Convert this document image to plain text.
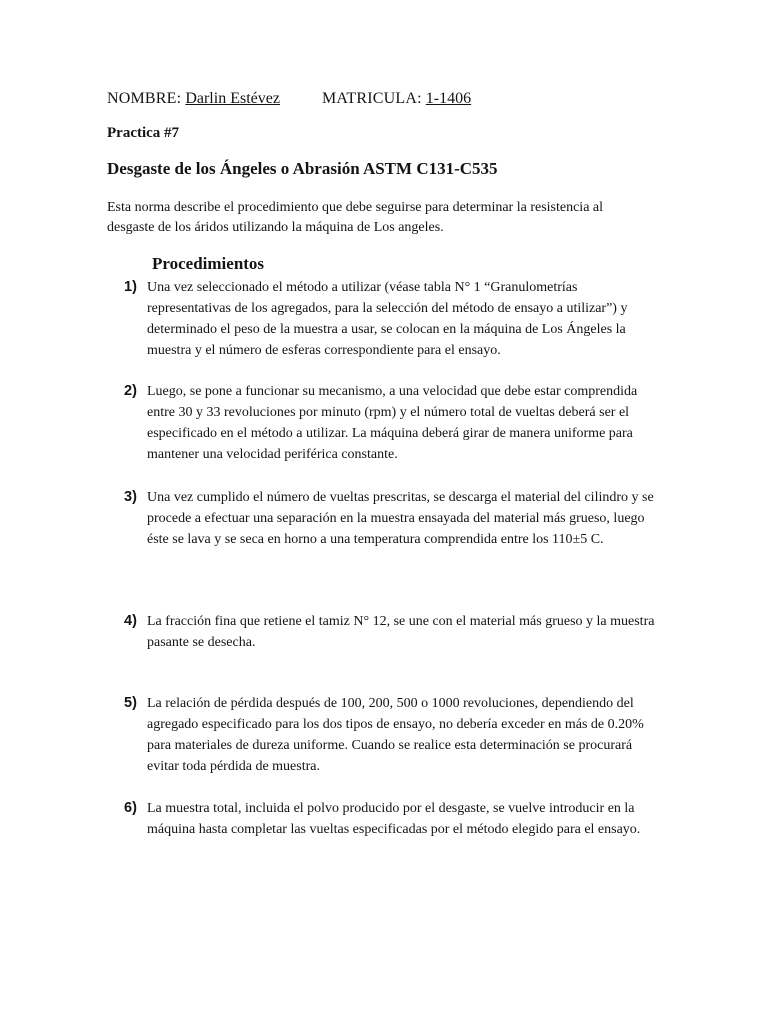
NOMBRE: Darlin Estévez	MATRICULA: 1-1406
Practica #7
Desgaste de los Ángeles o Abrasión ASTM C131-C535
Esta norma describe el procedimiento que debe seguirse para determinar la resistencia al desgaste de los áridos utilizando la máquina de Los angeles.
Procedimientos
1) Una vez seleccionado el método a utilizar (véase tabla N° 1 “Granulometrías representativas de los agregados, para la selección del método de ensayo a utilizar”) y determinado el peso de la muestra a usar, se colocan en la máquina de Los Ángeles la muestra y el número de esferas correspondiente para el ensayo.
2) Luego, se pone a funcionar su mecanismo, a una velocidad que debe estar comprendida entre 30 y 33 revoluciones por minuto (rpm) y el número total de vueltas deberá ser el especificado en el método a utilizar. La máquina deberá girar de manera uniforme para mantener una velocidad periférica constante.
3) Una vez cumplido el número de vueltas prescritas, se descarga el material del cilindro y se procede a efectuar una separación en la muestra ensayada del material más grueso, luego éste se lava y se seca en horno a una temperatura comprendida entre los 110±5 C.
4) La fracción fina que retiene el tamiz N° 12, se une con el material más grueso y la muestra pasante se desecha.
5) La relación de pérdida después de 100, 200, 500 o 1000 revoluciones, dependiendo del agregado especificado para los dos tipos de ensayo, no debería exceder en más de 0.20% para materiales de dureza uniforme. Cuando se realice esta determinación se procurará evitar toda pérdida de muestra.
6) La muestra total, incluida el polvo producido por el desgaste, se vuelve introducir en la máquina hasta completar las vueltas especificadas por el método elegido para el ensayo.
